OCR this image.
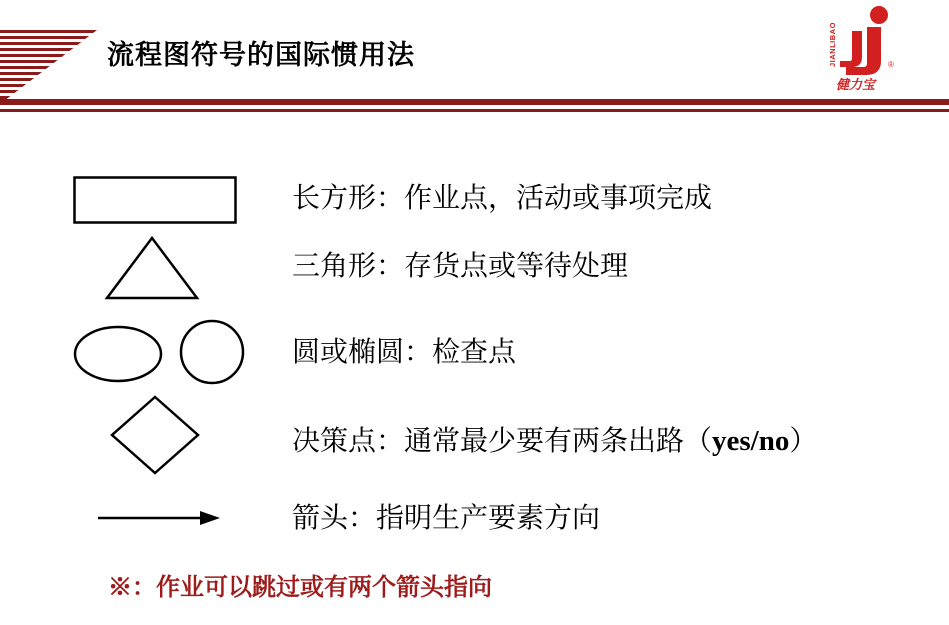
流程图符号的国际惯用法	JIANLIBAO	®
健力宝
长方形：作业点，活动或事项完成
三角形：存货点或等待处理
圆或椭圆：检查点
决策点：通常最少要有两条出路（yes/no）
箭头：指明生产要素方向
※：作业可以跳过或有两个箭头指向
